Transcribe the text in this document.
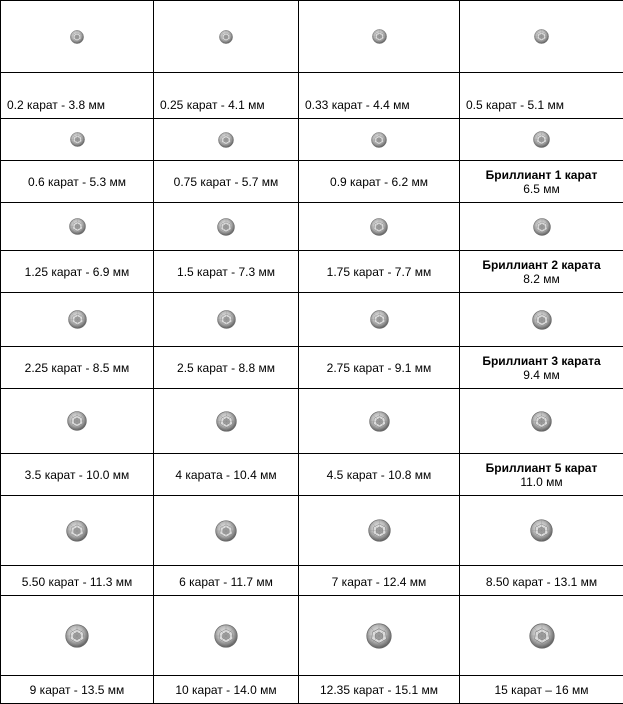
0.2 карат - 3.8 мм	0.25 карат - 4.1 мм	0.33 карат - 4.4 мм	0.5 карат - 5.1 мм

0.6 карат - 5.3 мм	0.75 карат - 5.7 мм	0.9 карат - 6.2 мм	Бриллиант 1 карат
6.5 мм

1.25 карат - 6.9 мм	1.5 карат - 7.3 мм	1.75 карат - 7.7 мм	Бриллиант 2 карата
8.2 мм

2.25 карат - 8.5 мм	2.5 карат - 8.8 мм	2.75 карат - 9.1 мм	Бриллиант 3 карата
9.4 мм

3.5 карат - 10.0 мм	4 карата - 10.4 мм	4.5 карат - 10.8 мм	Бриллиант 5 карат
11.0 мм

5.50 карат - 11.3 мм	6 карат - 11.7 мм	7 карат - 12.4 мм	8.50 карат - 13.1 мм

9 карат - 13.5 мм	10 карат - 14.0 мм	12.35 карат - 15.1 мм	15 карат – 16 мм
